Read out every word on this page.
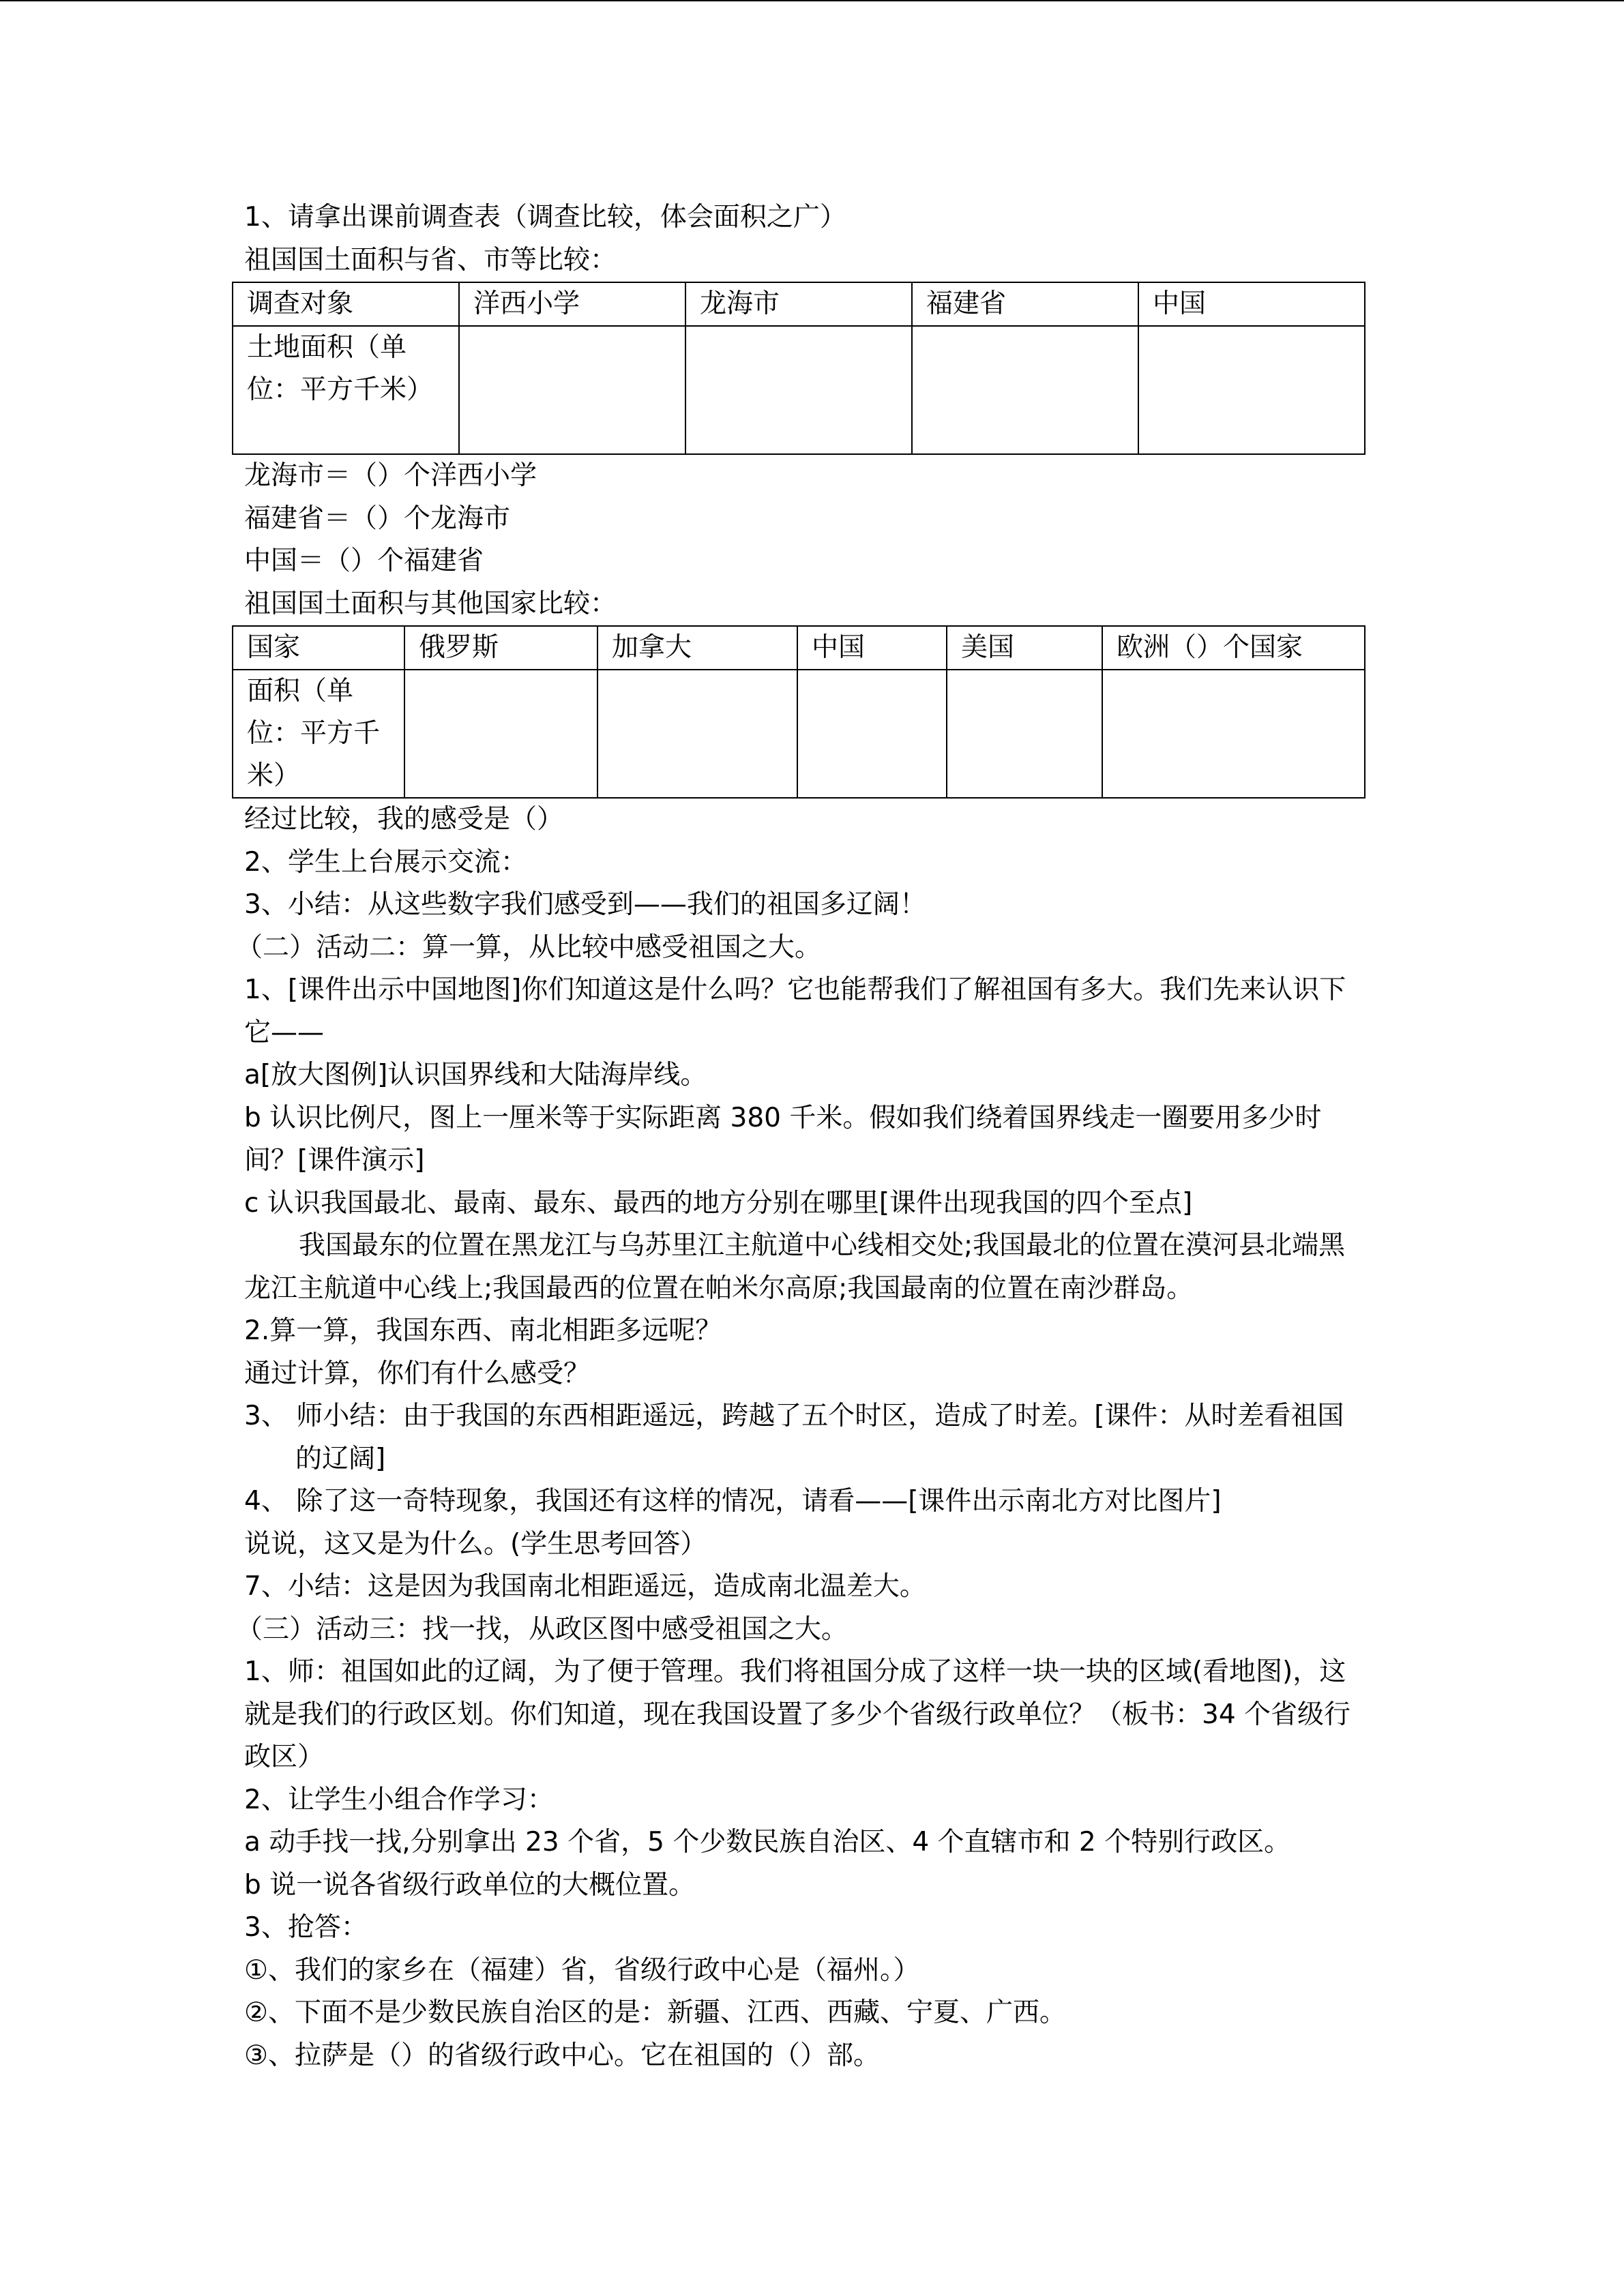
1、请拿出课前调查表（调查比较，体会面积之广）
祖国国土面积与省、市等比较：
调查对象	洋西小学	龙海市	福建省	中国
土地面积（单位：平方千米）				
龙海市＝（）个洋西小学
福建省＝（）个龙海市
中国＝（）个福建省
祖国国土面积与其他国家比较：
国家	俄罗斯	加拿大	中国	美国	欧洲（）个国家
面积（单位：平方千米）					
经过比较，我的感受是（）
2、学生上台展示交流：
3、小结：从这些数字我们感受到——我们的祖国多辽阔！
（二）活动二：算一算，从比较中感受祖国之大。
1、[课件出示中国地图]你们知道这是什么吗？它也能帮我们了解祖国有多大。我们先来认识下它——
a[放大图例]认识国界线和大陆海岸线。
b 认识比例尺，图上一厘米等于实际距离 380 千米。假如我们绕着国界线走一圈要用多少时间？[课件演示]
c 认识我国最北、最南、最东、最西的地方分别在哪里[课件出现我国的四个至点]
我国最东的位置在黑龙江与乌苏里江主航道中心线相交处;我国最北的位置在漠河县北端黑龙江主航道中心线上;我国最西的位置在帕米尔高原;我国最南的位置在南沙群岛。
2.算一算，我国东西、南北相距多远呢？
通过计算，你们有什么感受？
3、 师小结：由于我国的东西相距遥远，跨越了五个时区，造成了时差。[课件：从时差看祖国的辽阔]
4、 除了这一奇特现象，我国还有这样的情况，请看——[课件出示南北方对比图片]
说说，这又是为什么。(学生思考回答）
7、小结：这是因为我国南北相距遥远，造成南北温差大。
（三）活动三：找一找，从政区图中感受祖国之大。
1、师：祖国如此的辽阔，为了便于管理。我们将祖国分成了这样一块一块的区域(看地图)，这就是我们的行政区划。你们知道，现在我国设置了多少个省级行政单位？（板书：34 个省级行政区）
2、让学生小组合作学习：
a 动手找一找,分别拿出 23 个省，5 个少数民族自治区、4 个直辖市和 2 个特别行政区。
b 说一说各省级行政单位的大概位置。
3、抢答：
①、我们的家乡在（福建）省，省级行政中心是（福州。）
②、下面不是少数民族自治区的是：新疆、江西、西藏、宁夏、广西。
③、拉萨是（）的省级行政中心。它在祖国的（）部。
